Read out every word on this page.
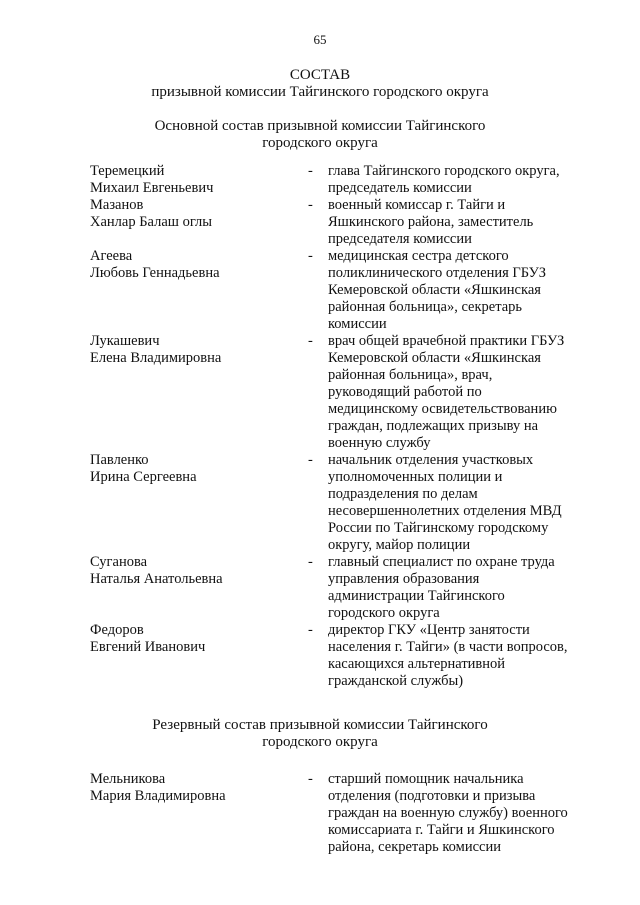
65
СОСТАВ
призывной комиссии Тайгинского городского округа
Основной состав призывной комиссии Тайгинского
городского округа
Теремецкий
Михаил Евгеньевич
-	глава Тайгинского городского округа,
председатель комиссии
Мазанов
Ханлар Балаш оглы
-	военный комиссар г. Тайги и
Яшкинского района, заместитель
председателя комиссии
Агеева
Любовь Геннадьевна
-	медицинская сестра детского
поликлинического отделения ГБУЗ
Кемеровской области «Яшкинская
районная больница», секретарь
комиссии
Лукашевич
Елена Владимировна
-	врач общей врачебной практики ГБУЗ
Кемеровской области «Яшкинская
районная больница», врач,
руководящий работой по
медицинскому освидетельствованию
граждан, подлежащих призыву на
военную службу
Павленко
Ирина Сергеевна
-	начальник отделения участковых
уполномоченных полиции и
подразделения по делам
несовершеннолетних отделения МВД
России по Тайгинскому городскому
округу, майор полиции
Суганова
Наталья Анатольевна
-	главный специалист по охране труда
управления образования
администрации Тайгинского
городского округа
Федоров
Евгений Иванович
-	директор ГКУ «Центр занятости
населения г. Тайги» (в части вопросов,
касающихся альтернативной
гражданской службы)
Резервный состав призывной комиссии Тайгинского
городского округа
Мельникова
Мария Владимировна
-	старший помощник начальника
отделения (подготовки и призыва
граждан на военную службу) военного
комиссариата г. Тайги и Яшкинского
района, секретарь комиссии
